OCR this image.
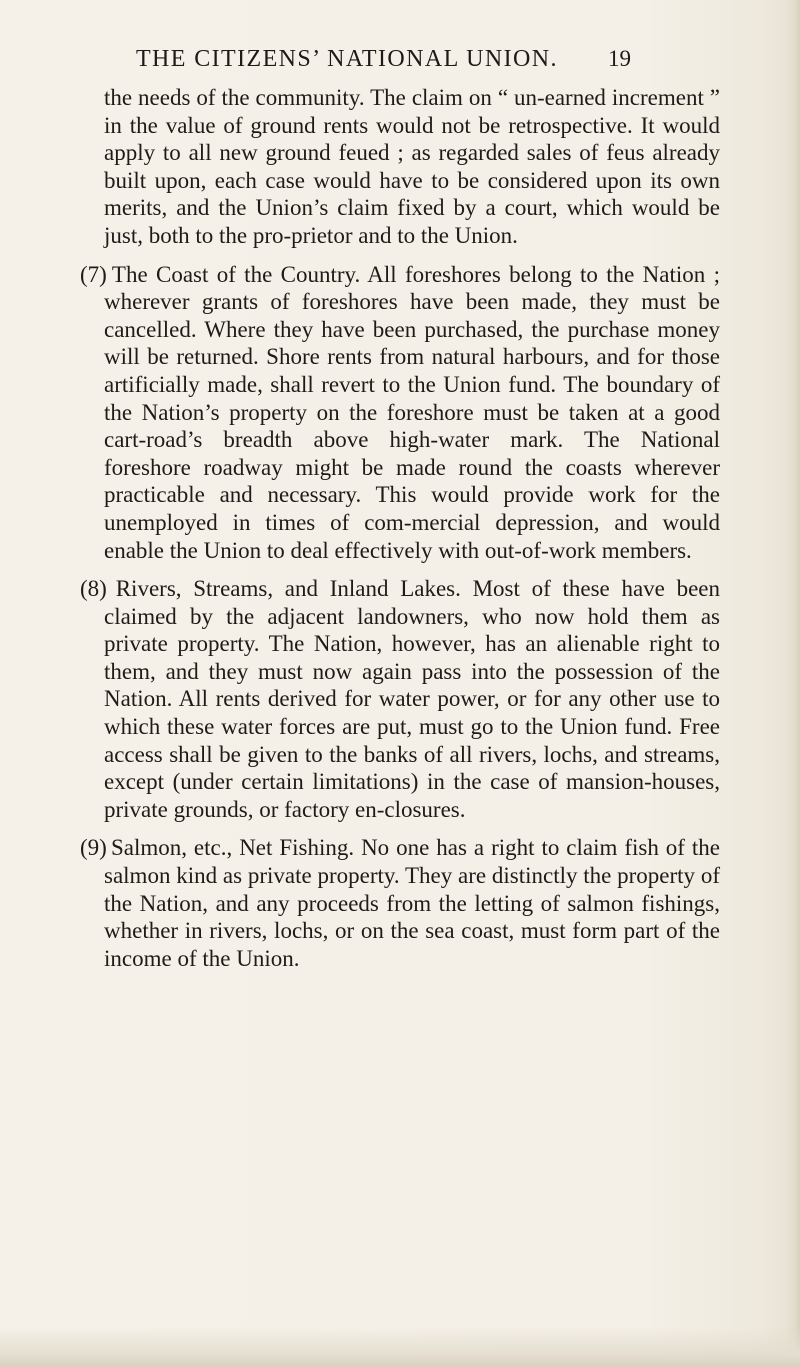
THE CITIZENS’ NATIONAL UNION. 19

the needs of the community. The claim on “ un-earned increment ” in the value of ground rents would not be retrospective. It would apply to all new ground feued ; as regarded sales of feus already built upon, each case would have to be considered upon its own merits, and the Union’s claim fixed by a court, which would be just, both to the pro-prietor and to the Union.

(7) The Coast of the Country. All foreshores belong to the Nation ; wherever grants of foreshores have been made, they must be cancelled. Where they have been purchased, the purchase money will be returned. Shore rents from natural harbours, and for those artificially made, shall revert to the Union fund. The boundary of the Nation’s property on the foreshore must be taken at a good cart-road’s breadth above high-water mark. The National foreshore roadway might be made round the coasts wherever practicable and necessary. This would provide work for the unemployed in times of com-mercial depression, and would enable the Union to deal effectively with out-of-work members.

(8) Rivers, Streams, and Inland Lakes. Most of these have been claimed by the adjacent landowners, who now hold them as private property. The Nation, however, has an alienable right to them, and they must now again pass into the possession of the Nation. All rents derived for water power, or for any other use to which these water forces are put, must go to the Union fund. Free access shall be given to the banks of all rivers, lochs, and streams, except (under certain limitations) in the case of mansion-houses, private grounds, or factory en-closures.

(9) Salmon, etc., Net Fishing. No one has a right to claim fish of the salmon kind as private property. They are distinctly the property of the Nation, and any proceeds from the letting of salmon fishings, whether in rivers, lochs, or on the sea coast, must form part of the income of the Union.
